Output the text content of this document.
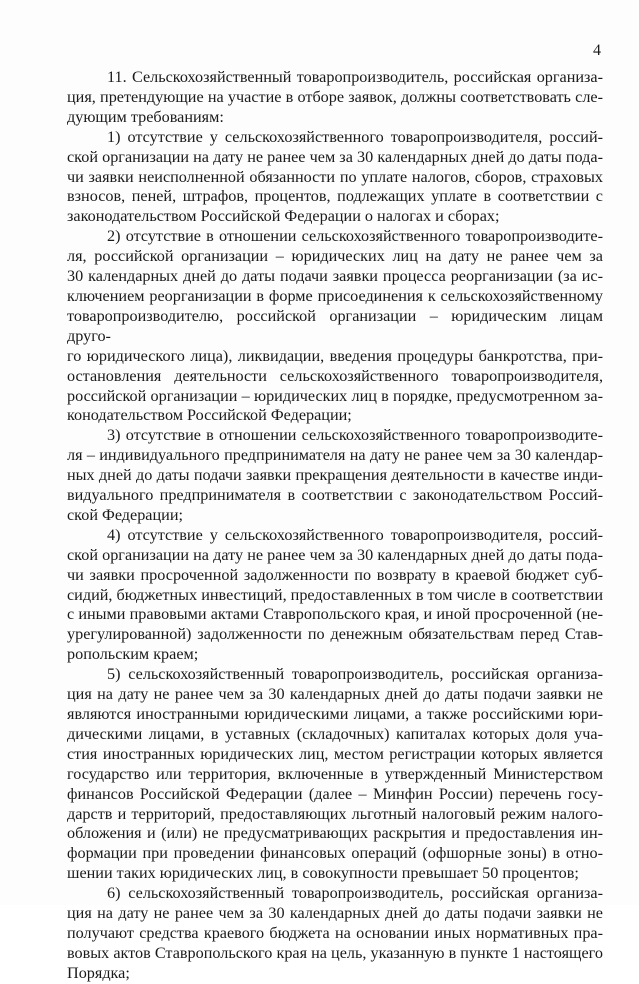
4
11. Сельскохозяйственный товаропроизводитель, российская организа-
ция, претендующие на участие в отборе заявок, должны соответствовать сле-
дующим требованиям:
1) отсутствие у сельскохозяйственного товаропроизводителя, россий-
ской организации на дату не ранее чем за 30 календарных дней до даты пода-
чи заявки неисполненной обязанности по уплате налогов, сборов, страховых
взносов, пеней, штрафов, процентов, подлежащих уплате в соответствии с
законодательством Российской Федерации о налогах и сборах;
2) отсутствие в отношении сельскохозяйственного товаропроизводите-
ля, российской организации – юридических лиц на дату не ранее чем за
30 календарных дней до даты подачи заявки процесса реорганизации (за ис-
ключением реорганизации в форме присоединения к сельскохозяйственному
товаропроизводителю, российской организации – юридическим лицам друго-
го юридического лица), ликвидации, введения процедуры банкротства, при-
остановления деятельности сельскохозяйственного товаропроизводителя,
российской организации – юридических лиц в порядке, предусмотренном за-
конодательством Российской Федерации;
3) отсутствие в отношении сельскохозяйственного товаропроизводите-
ля – индивидуального предпринимателя на дату не ранее чем за 30 календар-
ных дней до даты подачи заявки прекращения деятельности в качестве инди-
видуального предпринимателя в соответствии с законодательством Россий-
ской Федерации;
4) отсутствие у сельскохозяйственного товаропроизводителя, россий-
ской организации на дату не ранее чем за 30 календарных дней до даты пода-
чи заявки просроченной задолженности по возврату в краевой бюджет суб-
сидий, бюджетных инвестиций, предоставленных в том числе в соответствии
с иными правовыми актами Ставропольского края, и иной просроченной (не-
урегулированной) задолженности по денежным обязательствам перед Став-
ропольским краем;
5) сельскохозяйственный товаропроизводитель, российская организа-
ция на дату не ранее чем за 30 календарных дней до даты подачи заявки не
являются иностранными юридическими лицами, а также российскими юри-
дическими лицами, в уставных (складочных) капиталах которых доля уча-
стия иностранных юридических лиц, местом регистрации которых является
государство или территория, включенные в утвержденный Министерством
финансов Российской Федерации (далее – Минфин России) перечень госу-
дарств и территорий, предоставляющих льготный налоговый режим налого-
обложения и (или) не предусматривающих раскрытия и предоставления ин-
формации при проведении финансовых операций (офшорные зоны) в отно-
шении таких юридических лиц, в совокупности превышает 50 процентов;
6) сельскохозяйственный товаропроизводитель, российская организа-
ция на дату не ранее чем за 30 календарных дней до даты подачи заявки не
получают средства краевого бюджета на основании иных нормативных пра-
вовых актов Ставропольского края на цель, указанную в пункте 1 настоящего
Порядка;
